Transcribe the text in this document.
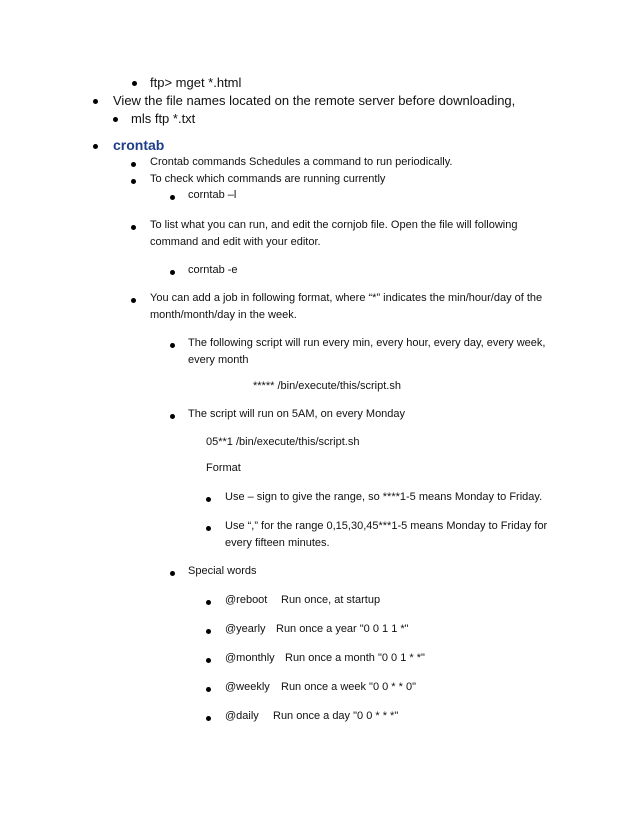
ftp> mget *.html
View the file names located on the remote server before downloading,
mls ftp *.txt
crontab
Crontab commands Schedules a command to run periodically.
To check which commands are running currently
corntab –l
To list what you can run, and edit the cornjob file. Open the file will following
command and edit with your editor.
corntab -e
You can add a job in following format, where “*” indicates the min/hour/day of the
month/month/day in the week.
The following script will run every min, every hour, every day, every week,
every month
***** /bin/execute/this/script.sh
The script will run on 5AM, on every Monday
05**1 /bin/execute/this/script.sh
Format
Use – sign to give the range, so ****1-5 means Monday to Friday.
Use “,” for the range 0,15,30,45***1-5 means Monday to Friday for
every fifteen minutes.
Special words
@reboot Run once, at startup
@yearly Run once a year "0 0 1 1 *"
@monthly Run once a month "0 0 1 * *"
@weekly Run once a week "0 0 * * 0"
@daily Run once a day "0 0 * * *"
